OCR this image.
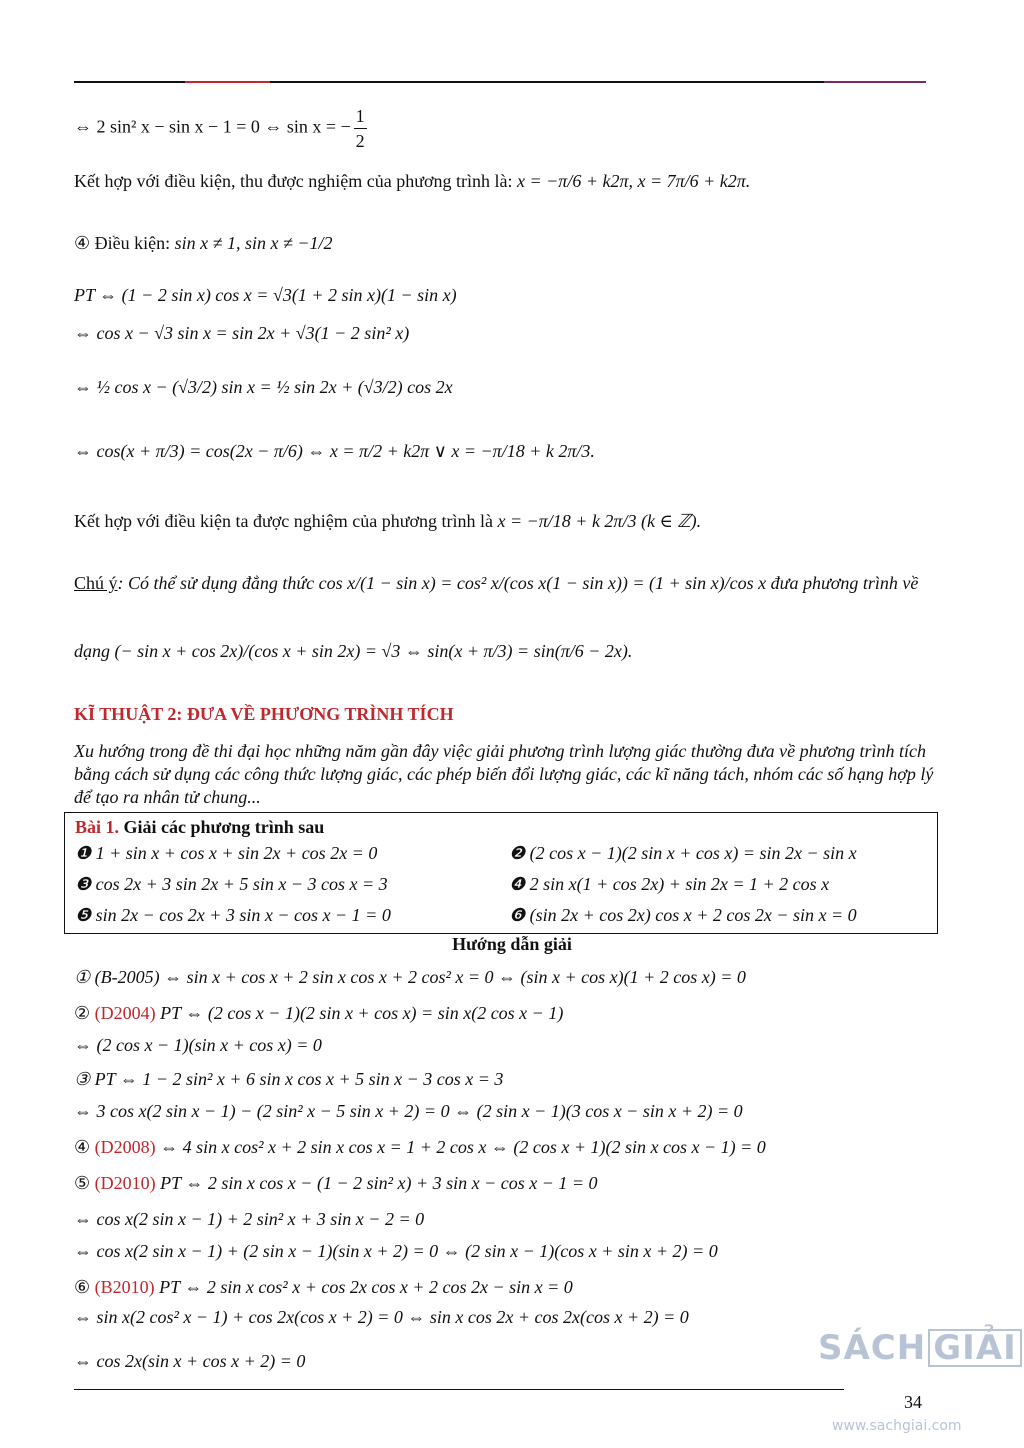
⇔ 2 sin² x − sin x − 1 = 0 ⇔ sin x = − $\frac{1}{2}$
Kết hợp với điều kiện, thu được nghiệm của phương trình là: x = −π/6 + k2π, x = 7π/6 + k2π.
④ Điều kiện: sin x ≠ 1, sin x ≠ −1/2
PT ⇔ (1 − 2 sin x) cos x = √3(1 + 2 sin x)(1 − sin x)
⇔ cos x − √3 sin x = sin 2x + √3(1 − 2 sin² x)
⇔ ½ cos x − (√3/2) sin x = ½ sin 2x + (√3/2) cos 2x
⇔ cos(x + π/3) = cos(2x − π/6) ⇔ x = π/2 + k2π ∨ x = −π/18 + k 2π/3.
Kết hợp với điều kiện ta được nghiệm của phương trình là x = −π/18 + k 2π/3 (k ∈ ℤ).
Chú ý: Có thể sử dụng đẳng thức cos x/(1 − sin x) = cos² x/(cos x(1 − sin x)) = (1 + sin x)/cos x đưa phương trình về
dạng (− sin x + cos 2x)/(cos x + sin 2x) = √3 ⇔ sin(x + π/3) = sin(π/6 − 2x).
KĨ THUẬT 2: ĐƯA VỀ PHƯƠNG TRÌNH TÍCH
Xu hướng trong đề thi đại học những năm gần đây việc giải phương trình lượng giác thường đưa về phương trình tích bằng cách sử dụng các công thức lượng giác, các phép biến đổi lượng giác, các kĩ năng tách, nhóm các số hạng hợp lý để tạo ra nhân tử chung...
Bài 1. Giải các phương trình sau
❶ 1 + sin x + cos x + sin 2x + cos 2x = 0	❷ (2 cos x − 1)(2 sin x + cos x) = sin 2x − sin x
❸ cos 2x + 3 sin 2x + 5 sin x − 3 cos x = 3	❹ 2 sin x(1 + cos 2x) + sin 2x = 1 + 2 cos x
❺ sin 2x − cos 2x + 3 sin x − cos x − 1 = 0	❻ (sin 2x + cos 2x) cos x + 2 cos 2x − sin x = 0
Hướng dẫn giải
① (B-2005) ⇔ sin x + cos x + 2 sin x cos x + 2 cos² x = 0 ⇔ (sin x + cos x)(1 + 2 cos x) = 0
② (D2004) PT ⇔ (2 cos x − 1)(2 sin x + cos x) = sin x(2 cos x − 1)
⇔ (2 cos x − 1)(sin x + cos x) = 0
③ PT ⇔ 1 − 2 sin² x + 6 sin x cos x + 5 sin x − 3 cos x = 3
⇔ 3 cos x(2 sin x − 1) − (2 sin² x − 5 sin x + 2) = 0 ⇔ (2 sin x − 1)(3 cos x − sin x + 2) = 0
④ (D2008) ⇔ 4 sin x cos² x + 2 sin x cos x = 1 + 2 cos x ⇔ (2 cos x + 1)(2 sin x cos x − 1) = 0
⑤ (D2010) PT ⇔ 2 sin x cos x − (1 − 2 sin² x) + 3 sin x − cos x − 1 = 0
⇔ cos x(2 sin x − 1) + 2 sin² x + 3 sin x − 2 = 0
⇔ cos x(2 sin x − 1) + (2 sin x − 1)(sin x + 2) = 0 ⇔ (2 sin x − 1)(cos x + sin x + 2) = 0
⑥ (B2010) PT ⇔ 2 sin x cos² x + cos 2x cos x + 2 cos 2x − sin x = 0
⇔ sin x(2 cos² x − 1) + cos 2x(cos x + 2) = 0 ⇔ sin x cos 2x + cos 2x(cos x + 2) = 0
⇔ cos 2x(sin x + cos x + 2) = 0
34
SÁCH GIẢI
www.sachgiai.com
